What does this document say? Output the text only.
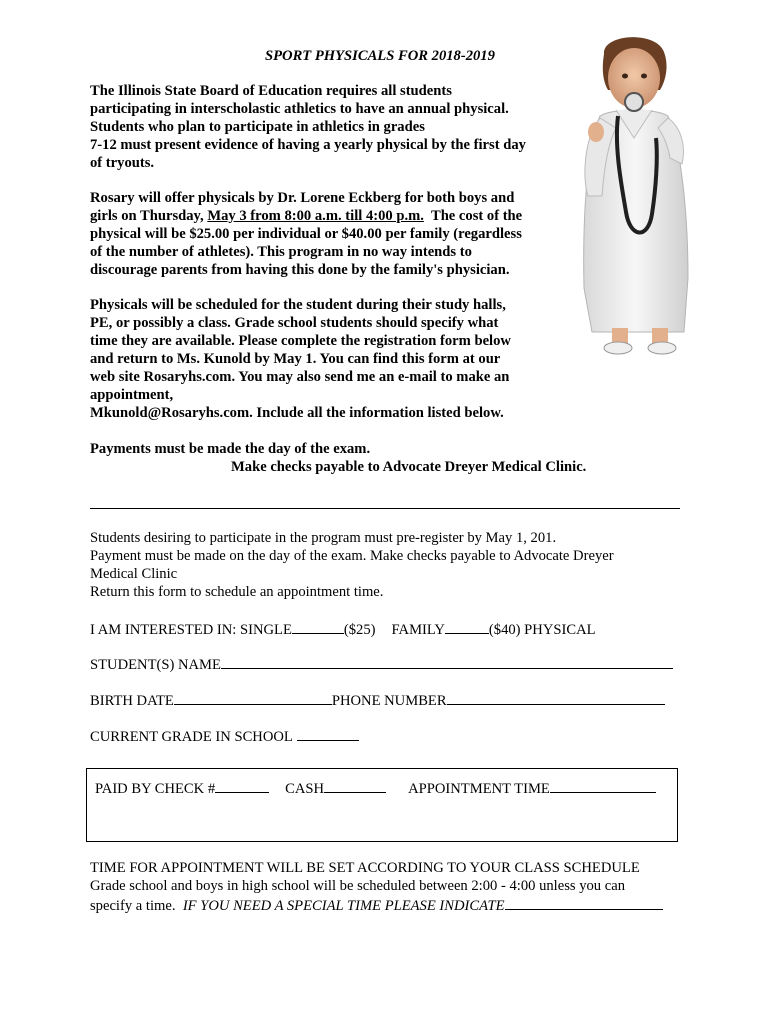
SPORT PHYSICALS FOR 2018-2019
The Illinois State Board of Education requires all students
participating in interscholastic athletics to have an annual physical.
Students who plan to participate in athletics in grades
7-12 must present evidence of having a yearly physical by the first day
of tryouts.
Rosary will offer physicals by Dr. Lorene Eckberg for both boys and
girls on Thursday, May 3 from 8:00 a.m. till 4:00 p.m.  The cost of the
physical will be $25.00 per individual or $40.00 per family (regardless
of the number of athletes). This program in no way intends to
discourage parents from having this done by the family's physician.
Physicals will be scheduled for the student during their study halls,
PE, or possibly a class. Grade school students should specify what
time they are available. Please complete the registration form below
and return to Ms. Kunold by May 1. You can find this form at our
web site Rosaryhs.com. You may also send me an e-mail to make an
appointment,
Mkunold@Rosaryhs.com. Include all the information listed below.
Payments must be made the day of the exam.
Make checks payable to Advocate Dreyer Medical Clinic.
Students desiring to participate in the program must pre-register by May 1, 201.
Payment must be made on the day of the exam. Make checks payable to Advocate Dreyer
Medical Clinic
Return this form to schedule an appointment time.
I AM INTERESTED IN: SINGLE	($25) FAMILY	($40) PHYSICAL
STUDENT(S) NAME
BIRTH DATE	PHONE NUMBER
CURRENT GRADE IN SCHOOL
PAID BY CHECK #	CASH	APPOINTMENT TIME
TIME FOR APPOINTMENT WILL BE SET ACCORDING TO YOUR CLASS SCHEDULE
Grade school and boys in high school will be scheduled between 2:00 - 4:00 unless you can
specify a time.  IF YOU NEED A SPECIAL TIME PLEASE INDICATE
